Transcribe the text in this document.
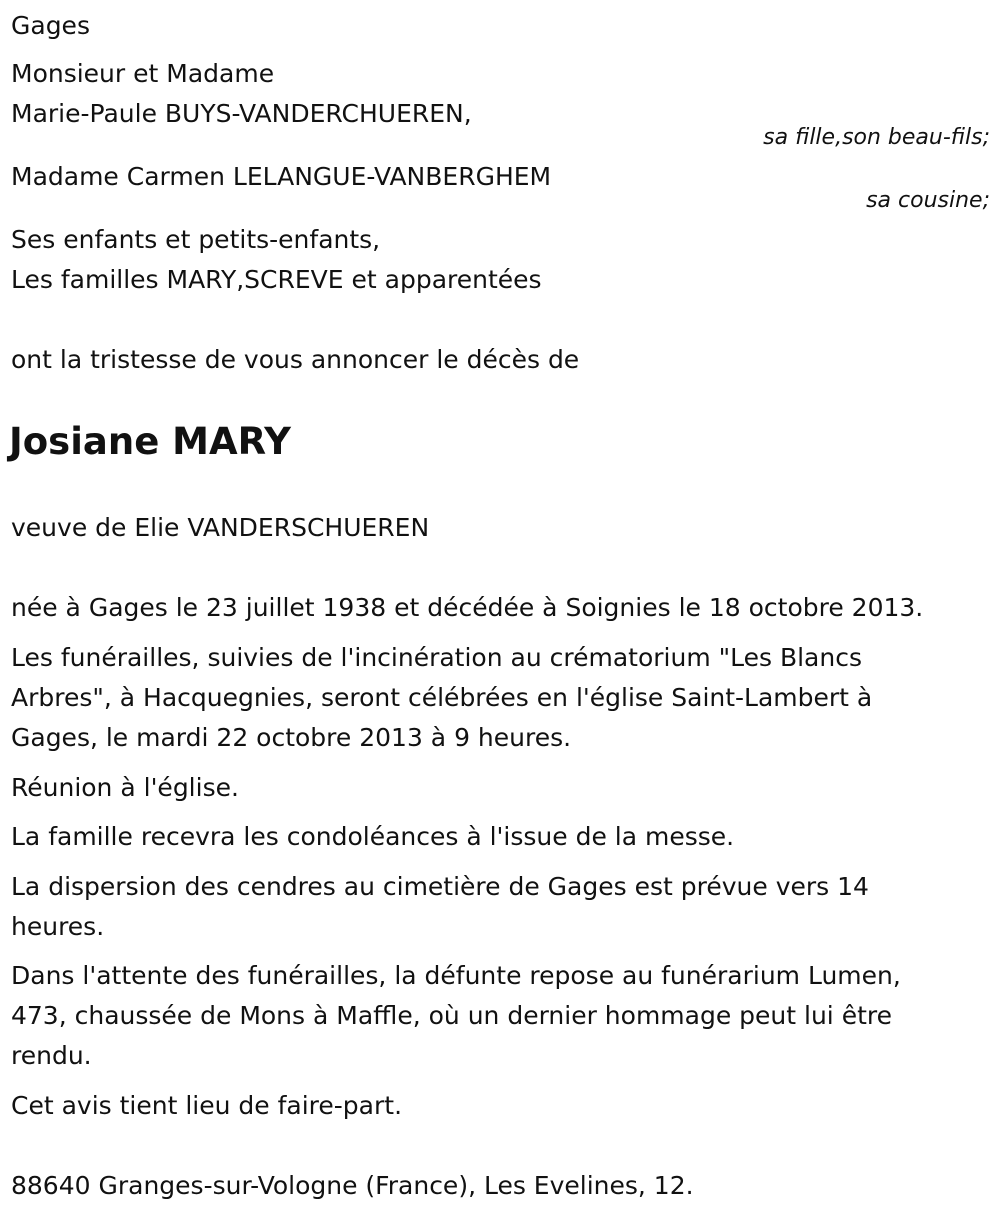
Gages

Monsieur et Madame

Marie-Paule BUYS-VANDERCHUEREN,

sa fille,son beau-fils;

Madame Carmen LELANGUE-VANBERGHEM

sa cousine;

Ses enfants et petits-enfants,

Les familles MARY,SCREVE et apparentées

ont la tristesse de vous annoncer le décès de

Josiane MARY

veuve de Elie VANDERSCHUEREN

née à Gages le 23 juillet 1938 et décédée à Soignies le 18 octobre 2013.

Les funérailles, suivies de l'incinération au crématorium "Les Blancs

Arbres", à Hacquegnies, seront célébrées en l'église Saint-Lambert à

Gages, le mardi 22 octobre 2013 à 9 heures.

Réunion à l'église.

La famille recevra les condoléances à l'issue de la messe.

La dispersion des cendres au cimetière de Gages est prévue vers 14

heures.

Dans l'attente des funérailles, la défunte repose au funérarium Lumen,

473, chaussée de Mons à Maffle, où un dernier hommage peut lui être

rendu.

Cet avis tient lieu de faire-part.

88640 Granges-sur-Vologne (France), Les Evelines, 12.
